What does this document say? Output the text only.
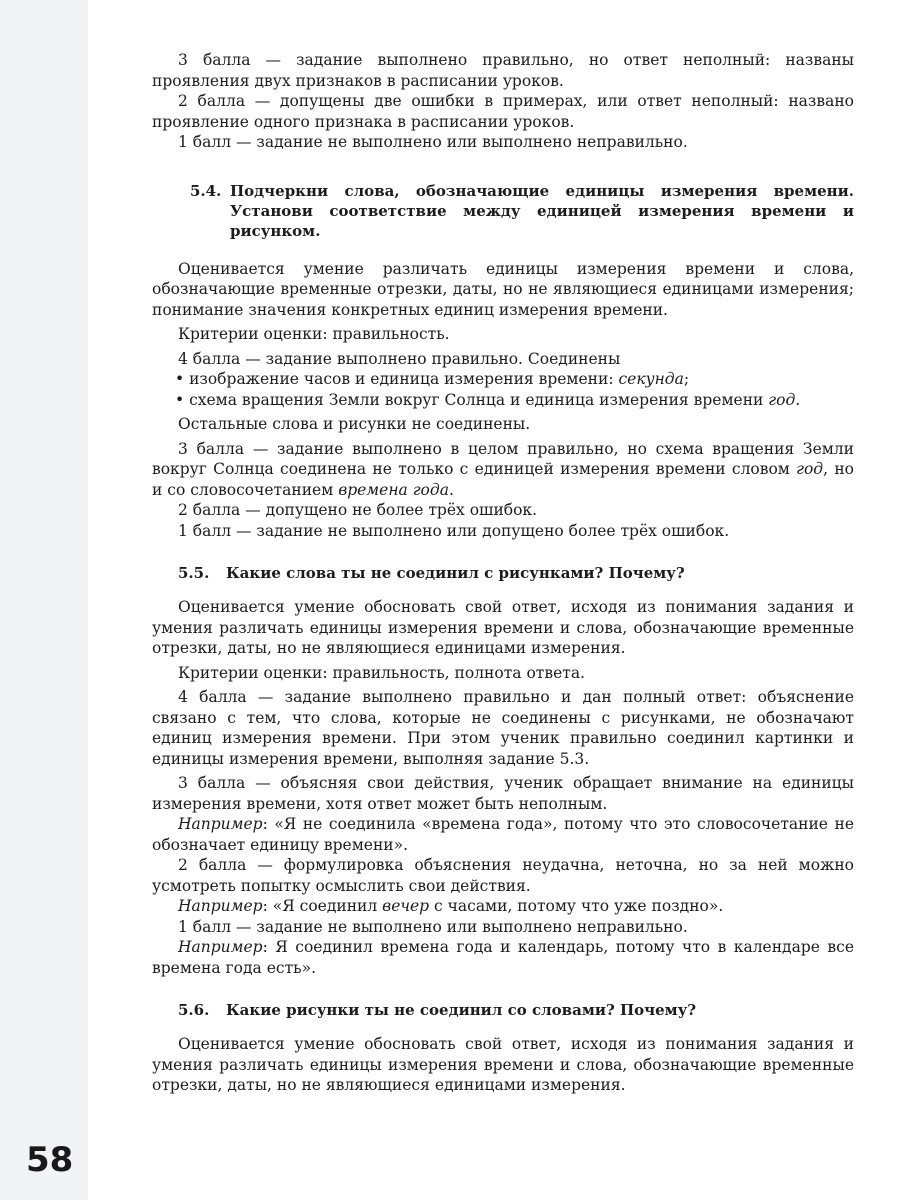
3 балла — задание выполнено правильно, но ответ неполный: названы проявления двух признаков в расписании уроков.

2 балла — допущены две ошибки в примерах, или ответ неполный: названо проявление одного признака в расписании уроков.

1 балл — задание не выполнено или выполнено неправильно.

5.4. Подчеркни слова, обозначающие единицы измерения времени. Установи соответствие между единицей измерения времени и рисунком.

Оценивается умение различать единицы измерения времени и слова, обозначающие временные отрезки, даты, но не являющиеся единицами измерения; понимание значения конкретных единиц измерения времени.

Критерии оценки: правильность.

4 балла — задание выполнено правильно. Соединены

• изображение часов и единица измерения времени: секунда;

• схема вращения Земли вокруг Солнца и единица измерения времени год.

Остальные слова и рисунки не соединены.

3 балла — задание выполнено в целом правильно, но схема вращения Земли вокруг Солнца соединена не только с единицей измерения времени словом год, но и со словосочетанием времена года.

2 балла — допущено не более трёх ошибок.

1 балл — задание не выполнено или допущено более трёх ошибок.

5.5. Какие слова ты не соединил с рисунками? Почему?

Оценивается умение обосновать свой ответ, исходя из понимания задания и умения различать единицы измерения времени и слова, обозначающие временные отрезки, даты, но не являющиеся единицами измерения.

Критерии оценки: правильность, полнота ответа.

4 балла — задание выполнено правильно и дан полный ответ: объяснение связано с тем, что слова, которые не соединены с рисунками, не обозначают единиц измерения времени. При этом ученик правильно соединил картинки и единицы измерения времени, выполняя задание 5.3.

3 балла — объясняя свои действия, ученик обращает внимание на единицы измерения времени, хотя ответ может быть неполным.

Например: «Я не соединила «времена года», потому что это словосочетание не обозначает единицу времени».

2 балла — формулировка объяснения неудачна, неточна, но за ней можно усмотреть попытку осмыслить свои действия.

Например: «Я соединил вечер с часами, потому что уже поздно».

1 балл — задание не выполнено или выполнено неправильно.

Например: Я соединил времена года и календарь, потому что в календаре все времена года есть».

5.6. Какие рисунки ты не соединил со словами? Почему?

Оценивается умение обосновать свой ответ, исходя из понимания задания и умения различать единицы измерения времени и слова, обозначающие временные отрезки, даты, но не являющиеся единицами измерения.

58
